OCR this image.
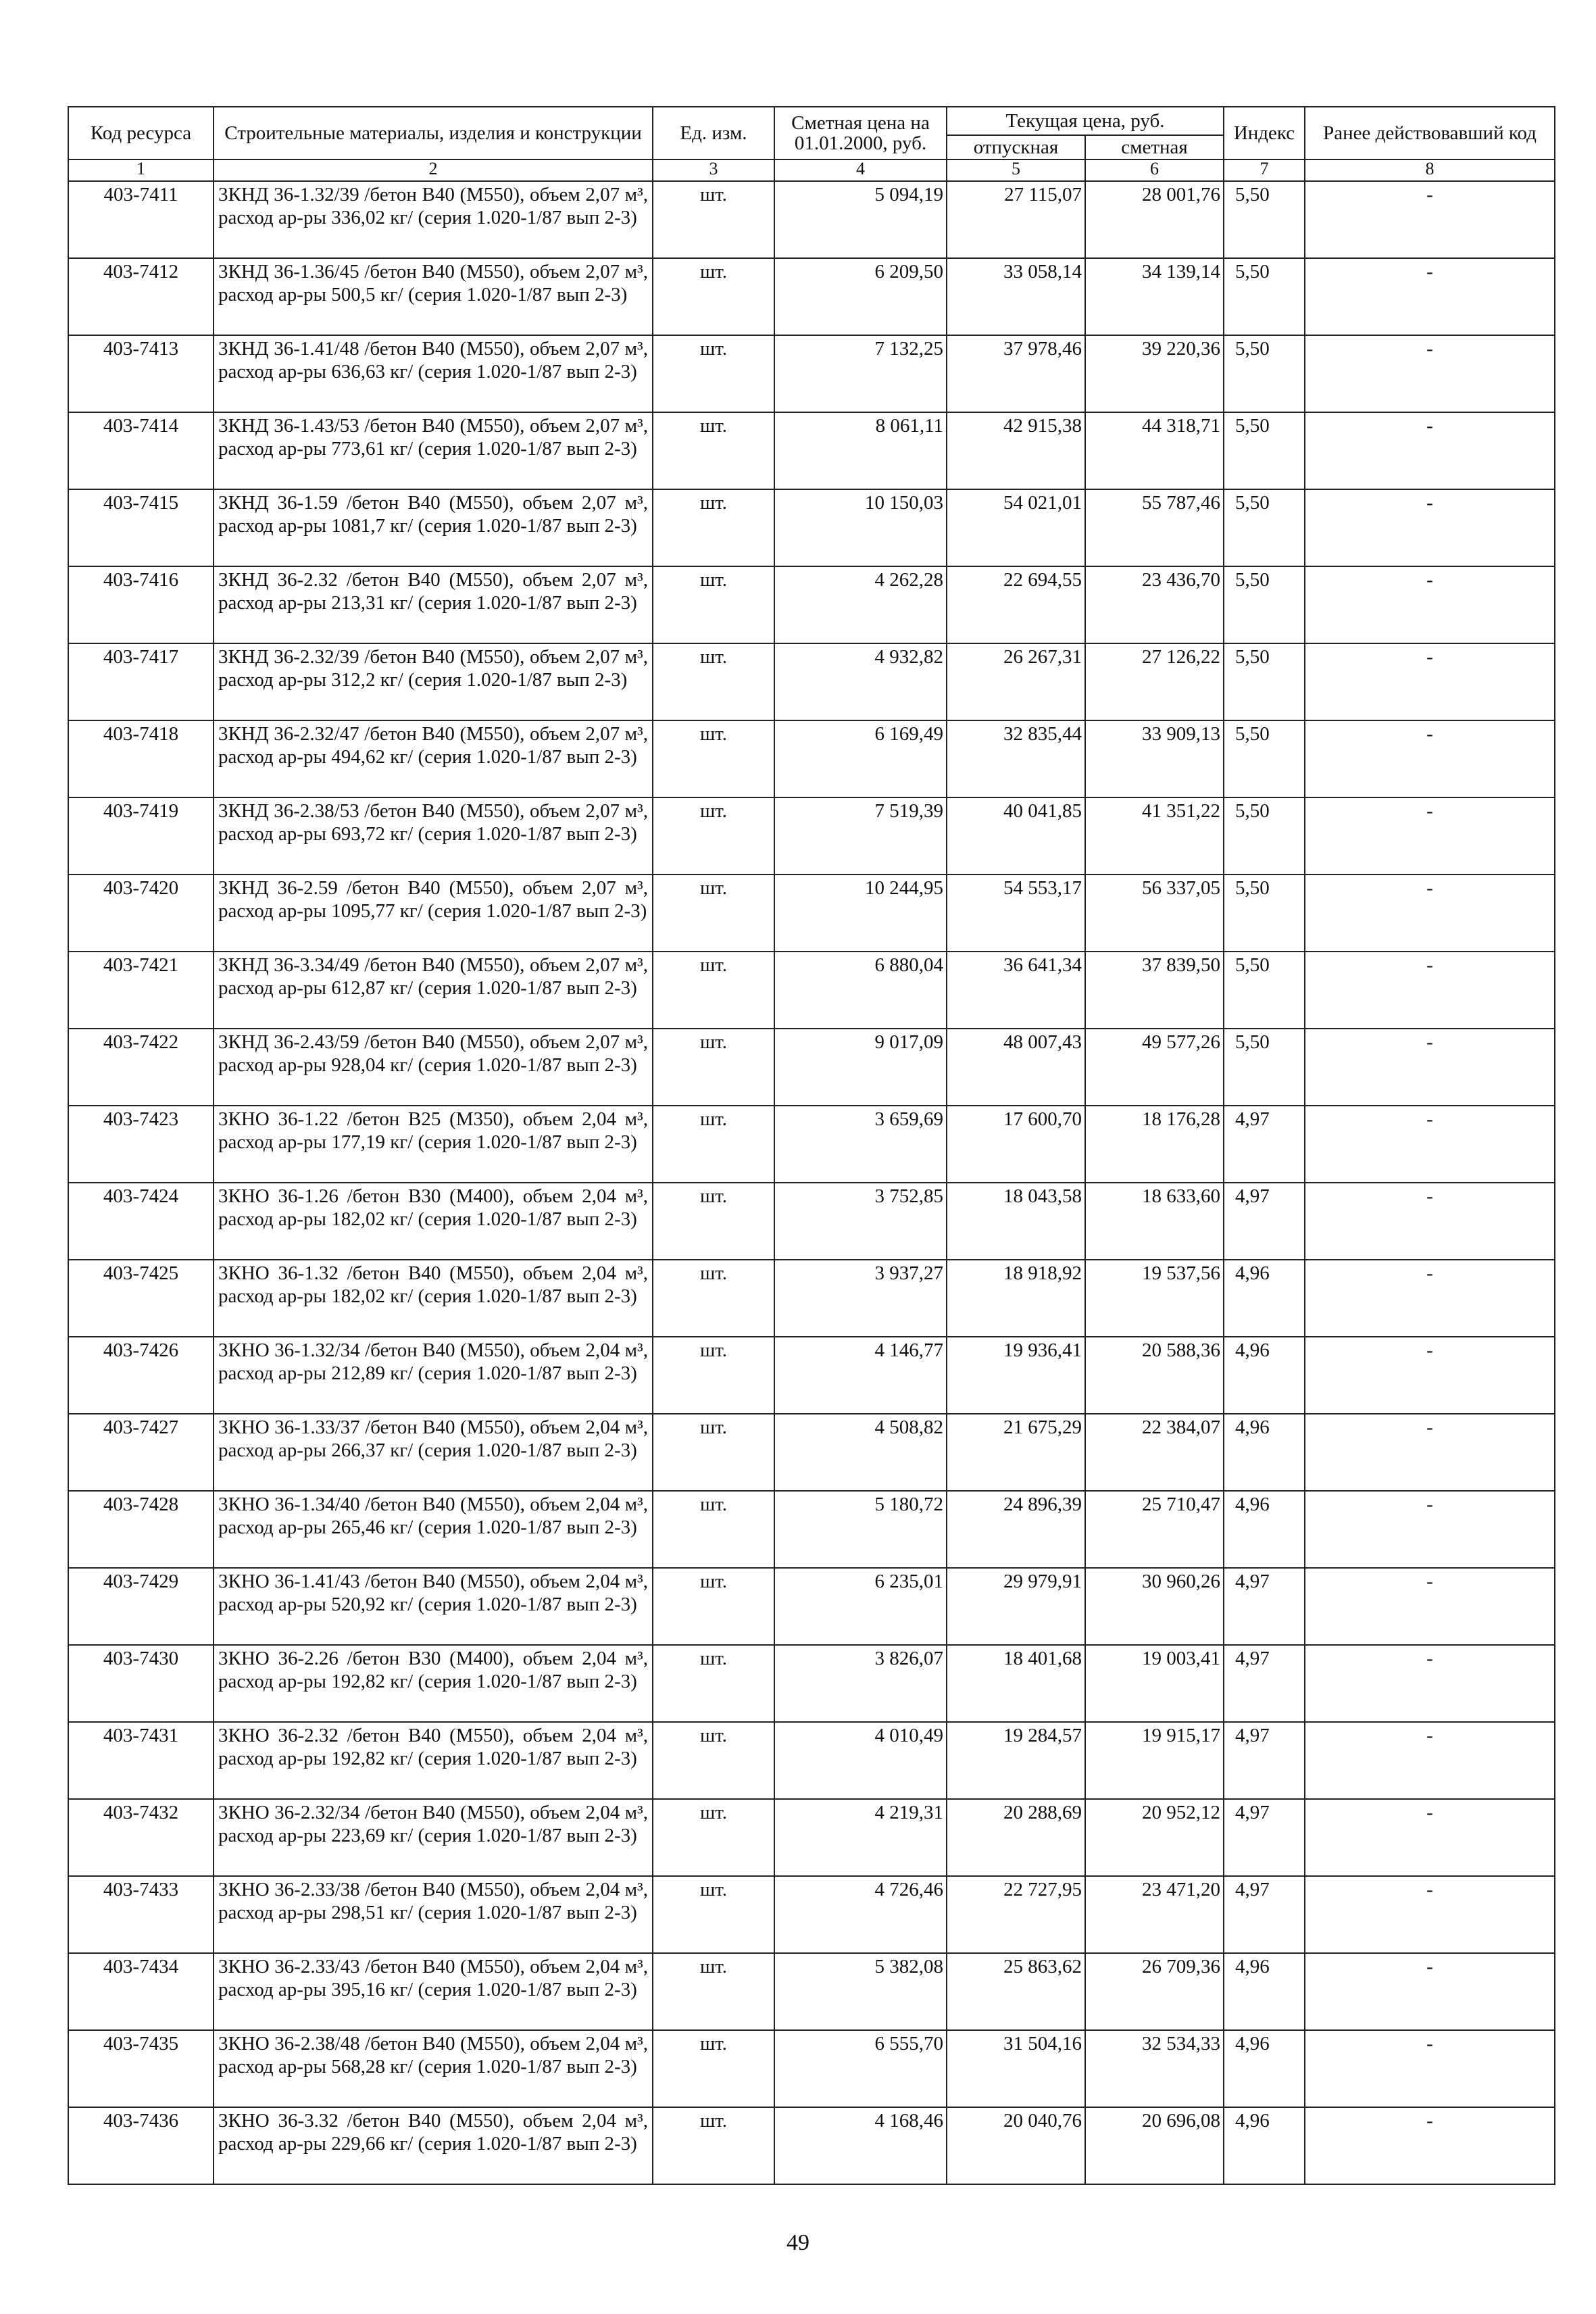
Код ресурса	Строительные материалы, изделия и конструкции	Ед. изм.	Сметная цена на 01.01.2000, руб.	Текущая цена, руб.		Индекс	Ранее действовавший код
				отпускная	сметная		
1	2	3	4	5	6	7	8
403-7411	3КНД 36-1.32/39 /бетон В40 (М550), объем 2,07 м³, расход ар-ры 336,02 кг/ (серия 1.020-1/87 вып 2-3)	шт.	5 094,19	27 115,07	28 001,76	5,50	-
403-7412	3КНД 36-1.36/45 /бетон В40 (М550), объем 2,07 м³, расход ар-ры 500,5 кг/ (серия 1.020-1/87 вып 2-3)	шт.	6 209,50	33 058,14	34 139,14	5,50	-
403-7413	3КНД 36-1.41/48 /бетон В40 (М550), объем 2,07 м³, расход ар-ры 636,63 кг/ (серия 1.020-1/87 вып 2-3)	шт.	7 132,25	37 978,46	39 220,36	5,50	-
403-7414	3КНД 36-1.43/53 /бетон В40 (М550), объем 2,07 м³, расход ар-ры 773,61 кг/ (серия 1.020-1/87 вып 2-3)	шт.	8 061,11	42 915,38	44 318,71	5,50	-
403-7415	3КНД 36-1.59 /бетон В40 (М550), объем 2,07 м³, расход ар-ры 1081,7 кг/ (серия 1.020-1/87 вып 2-3)	шт.	10 150,03	54 021,01	55 787,46	5,50	-
403-7416	3КНД 36-2.32 /бетон В40 (М550), объем 2,07 м³, расход ар-ры 213,31 кг/ (серия 1.020-1/87 вып 2-3)	шт.	4 262,28	22 694,55	23 436,70	5,50	-
403-7417	3КНД 36-2.32/39 /бетон В40 (М550), объем 2,07 м³, расход ар-ры 312,2 кг/ (серия 1.020-1/87 вып 2-3)	шт.	4 932,82	26 267,31	27 126,22	5,50	-
403-7418	3КНД 36-2.32/47 /бетон В40 (М550), объем 2,07 м³, расход ар-ры 494,62 кг/ (серия 1.020-1/87 вып 2-3)	шт.	6 169,49	32 835,44	33 909,13	5,50	-
403-7419	3КНД 36-2.38/53 /бетон В40 (М550), объем 2,07 м³, расход ар-ры 693,72 кг/ (серия 1.020-1/87 вып 2-3)	шт.	7 519,39	40 041,85	41 351,22	5,50	-
403-7420	3КНД 36-2.59 /бетон В40 (М550), объем 2,07 м³, расход ар-ры 1095,77 кг/ (серия 1.020-1/87 вып 2-3)	шт.	10 244,95	54 553,17	56 337,05	5,50	-
403-7421	3КНД 36-3.34/49 /бетон В40 (М550), объем 2,07 м³, расход ар-ры 612,87 кг/ (серия 1.020-1/87 вып 2-3)	шт.	6 880,04	36 641,34	37 839,50	5,50	-
403-7422	3КНД 36-2.43/59 /бетон В40 (М550), объем 2,07 м³, расход ар-ры 928,04 кг/ (серия 1.020-1/87 вып 2-3)	шт.	9 017,09	48 007,43	49 577,26	5,50	-
403-7423	3КНО 36-1.22 /бетон В25 (М350), объем 2,04 м³, расход ар-ры 177,19 кг/ (серия 1.020-1/87 вып 2-3)	шт.	3 659,69	17 600,70	18 176,28	4,97	-
403-7424	3КНО 36-1.26 /бетон В30 (М400), объем 2,04 м³, расход ар-ры 182,02 кг/ (серия 1.020-1/87 вып 2-3)	шт.	3 752,85	18 043,58	18 633,60	4,97	-
403-7425	3КНО 36-1.32 /бетон В40 (М550), объем 2,04 м³, расход ар-ры 182,02 кг/ (серия 1.020-1/87 вып 2-3)	шт.	3 937,27	18 918,92	19 537,56	4,96	-
403-7426	3КНО 36-1.32/34 /бетон В40 (М550), объем 2,04 м³, расход ар-ры 212,89 кг/ (серия 1.020-1/87 вып 2-3)	шт.	4 146,77	19 936,41	20 588,36	4,96	-
403-7427	3КНО 36-1.33/37 /бетон В40 (М550), объем 2,04 м³, расход ар-ры 266,37 кг/ (серия 1.020-1/87 вып 2-3)	шт.	4 508,82	21 675,29	22 384,07	4,96	-
403-7428	3КНО 36-1.34/40 /бетон В40 (М550), объем 2,04 м³, расход ар-ры 265,46 кг/ (серия 1.020-1/87 вып 2-3)	шт.	5 180,72	24 896,39	25 710,47	4,96	-
403-7429	3КНО 36-1.41/43 /бетон В40 (М550), объем 2,04 м³, расход ар-ры 520,92 кг/ (серия 1.020-1/87 вып 2-3)	шт.	6 235,01	29 979,91	30 960,26	4,97	-
403-7430	3КНО 36-2.26 /бетон В30 (М400), объем 2,04 м³, расход ар-ры 192,82 кг/ (серия 1.020-1/87 вып 2-3)	шт.	3 826,07	18 401,68	19 003,41	4,97	-
403-7431	3КНО 36-2.32 /бетон В40 (М550), объем 2,04 м³, расход ар-ры 192,82 кг/ (серия 1.020-1/87 вып 2-3)	шт.	4 010,49	19 284,57	19 915,17	4,97	-
403-7432	3КНО 36-2.32/34 /бетон В40 (М550), объем 2,04 м³, расход ар-ры 223,69 кг/ (серия 1.020-1/87 вып 2-3)	шт.	4 219,31	20 288,69	20 952,12	4,97	-
403-7433	3КНО 36-2.33/38 /бетон В40 (М550), объем 2,04 м³, расход ар-ры 298,51 кг/ (серия 1.020-1/87 вып 2-3)	шт.	4 726,46	22 727,95	23 471,20	4,97	-
403-7434	3КНО 36-2.33/43 /бетон В40 (М550), объем 2,04 м³, расход ар-ры 395,16 кг/ (серия 1.020-1/87 вып 2-3)	шт.	5 382,08	25 863,62	26 709,36	4,96	-
403-7435	3КНО 36-2.38/48 /бетон В40 (М550), объем 2,04 м³, расход ар-ры 568,28 кг/ (серия 1.020-1/87 вып 2-3)	шт.	6 555,70	31 504,16	32 534,33	4,96	-
403-7436	3КНО 36-3.32 /бетон В40 (М550), объем 2,04 м³, расход ар-ры 229,66 кг/ (серия 1.020-1/87 вып 2-3)	шт.	4 168,46	20 040,76	20 696,08	4,96	-
49
